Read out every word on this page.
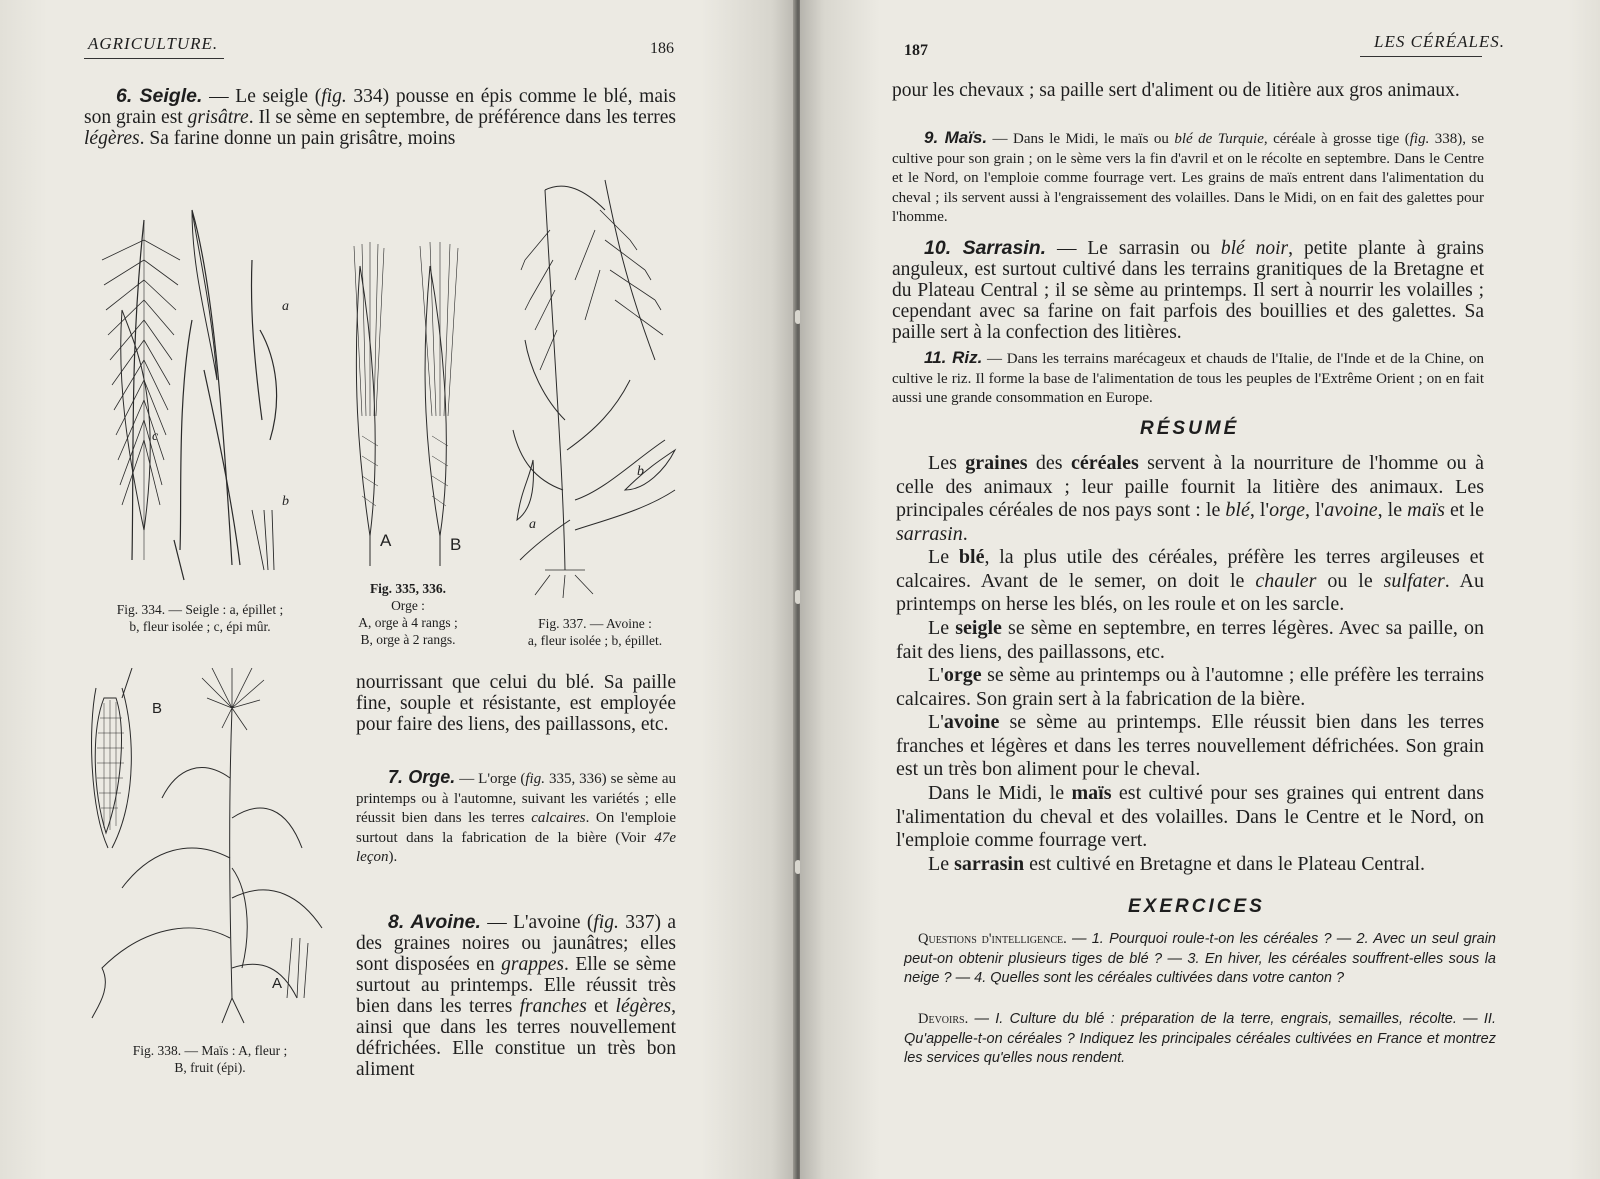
AGRICULTURE.	186
6. Seigle. — Le seigle (fig. 334) pousse en épis comme le blé, mais son grain est grisâtre. Il se sème en septembre, de préférence dans les terres légères. Sa farine donne un pain grisâtre, moins
c
a
b
Fig. 334. — Seigle : a, épillet ;
b, fleur isolée ; c, épi mûr.
A	B
Fig. 335, 336.
Orge :
A, orge à 4 rangs ;
B, orge à 2 rangs.
a
b
Fig. 337. — Avoine :
a, fleur isolée ; b, épillet.
B
A
Fig. 338. — Maïs : A, fleur ;
B, fruit (épi).
nourrissant que celui du blé. Sa paille fine, souple et résistante, est employée pour faire des liens, des paillassons, etc.
7. Orge. — L'orge (fig. 335, 336) se sème au printemps ou à l'automne, suivant les variétés ; elle réussit bien dans les terres calcaires. On l'emploie surtout dans la fabrication de la bière (Voir 47e leçon).
8. Avoine. — L'avoine (fig. 337) a des graines noires ou jaunâtres; elles sont disposées en grappes. Elle se sème surtout au printemps. Elle réussit très bien dans les terres franches et légères, ainsi que dans les terres nouvellement défrichées. Elle constitue un très bon aliment
187	LES CÉRÉALES.
pour les chevaux ; sa paille sert d'aliment ou de litière aux gros animaux.
9. Maïs. — Dans le Midi, le maïs ou blé de Turquie, céréale à grosse tige (fig. 338), se cultive pour son grain ; on le sème vers la fin d'avril et on le récolte en septembre. Dans le Centre et le Nord, on l'emploie comme fourrage vert. Les grains de maïs entrent dans l'alimentation du cheval ; ils servent aussi à l'engraissement des volailles. Dans le Midi, on en fait des galettes pour l'homme.
10. Sarrasin. — Le sarrasin ou blé noir, petite plante à grains anguleux, est surtout cultivé dans les terrains granitiques de la Bretagne et du Plateau Central ; il se sème au printemps. Il sert à nourrir les volailles ; cependant avec sa farine on fait parfois des bouillies et des galettes. Sa paille sert à la confection des litières.
11. Riz. — Dans les terrains marécageux et chauds de l'Italie, de l'Inde et de la Chine, on cultive le riz. Il forme la base de l'alimentation de tous les peuples de l'Extrême Orient ; on en fait aussi une grande consommation en Europe.
RÉSUMÉ
Les graines des céréales servent à la nourriture de l'homme ou à celle des animaux ; leur paille fournit la litière des animaux. Les principales céréales de nos pays sont : le blé, l'orge, l'avoine, le maïs et le sarrasin.
Le blé, la plus utile des céréales, préfère les terres argileuses et calcaires. Avant de le semer, on doit le chauler ou le sulfater. Au printemps on herse les blés, on les roule et on les sarcle.
Le seigle se sème en septembre, en terres légères. Avec sa paille, on fait des liens, des paillassons, etc.
L'orge se sème au printemps ou à l'automne ; elle préfère les terrains calcaires. Son grain sert à la fabrication de la bière.
L'avoine se sème au printemps. Elle réussit bien dans les terres franches et légères et dans les terres nouvellement défrichées. Son grain est un très bon aliment pour le cheval.
Dans le Midi, le maïs est cultivé pour ses graines qui entrent dans l'alimentation du cheval et des volailles. Dans le Centre et le Nord, on l'emploie comme fourrage vert.
Le sarrasin est cultivé en Bretagne et dans le Plateau Central.
EXERCICES
Questions d'intelligence. — 1. Pourquoi roule-t-on les céréales ? — 2. Avec un seul grain peut-on obtenir plusieurs tiges de blé ? — 3. En hiver, les céréales souffrent-elles sous la neige ? — 4. Quelles sont les céréales cultivées dans votre canton ?
Devoirs. — I. Culture du blé : préparation de la terre, engrais, semailles, récolte. — II. Qu'appelle-t-on céréales ? Indiquez les principales céréales cultivées en France et montrez les services qu'elles nous rendent.
